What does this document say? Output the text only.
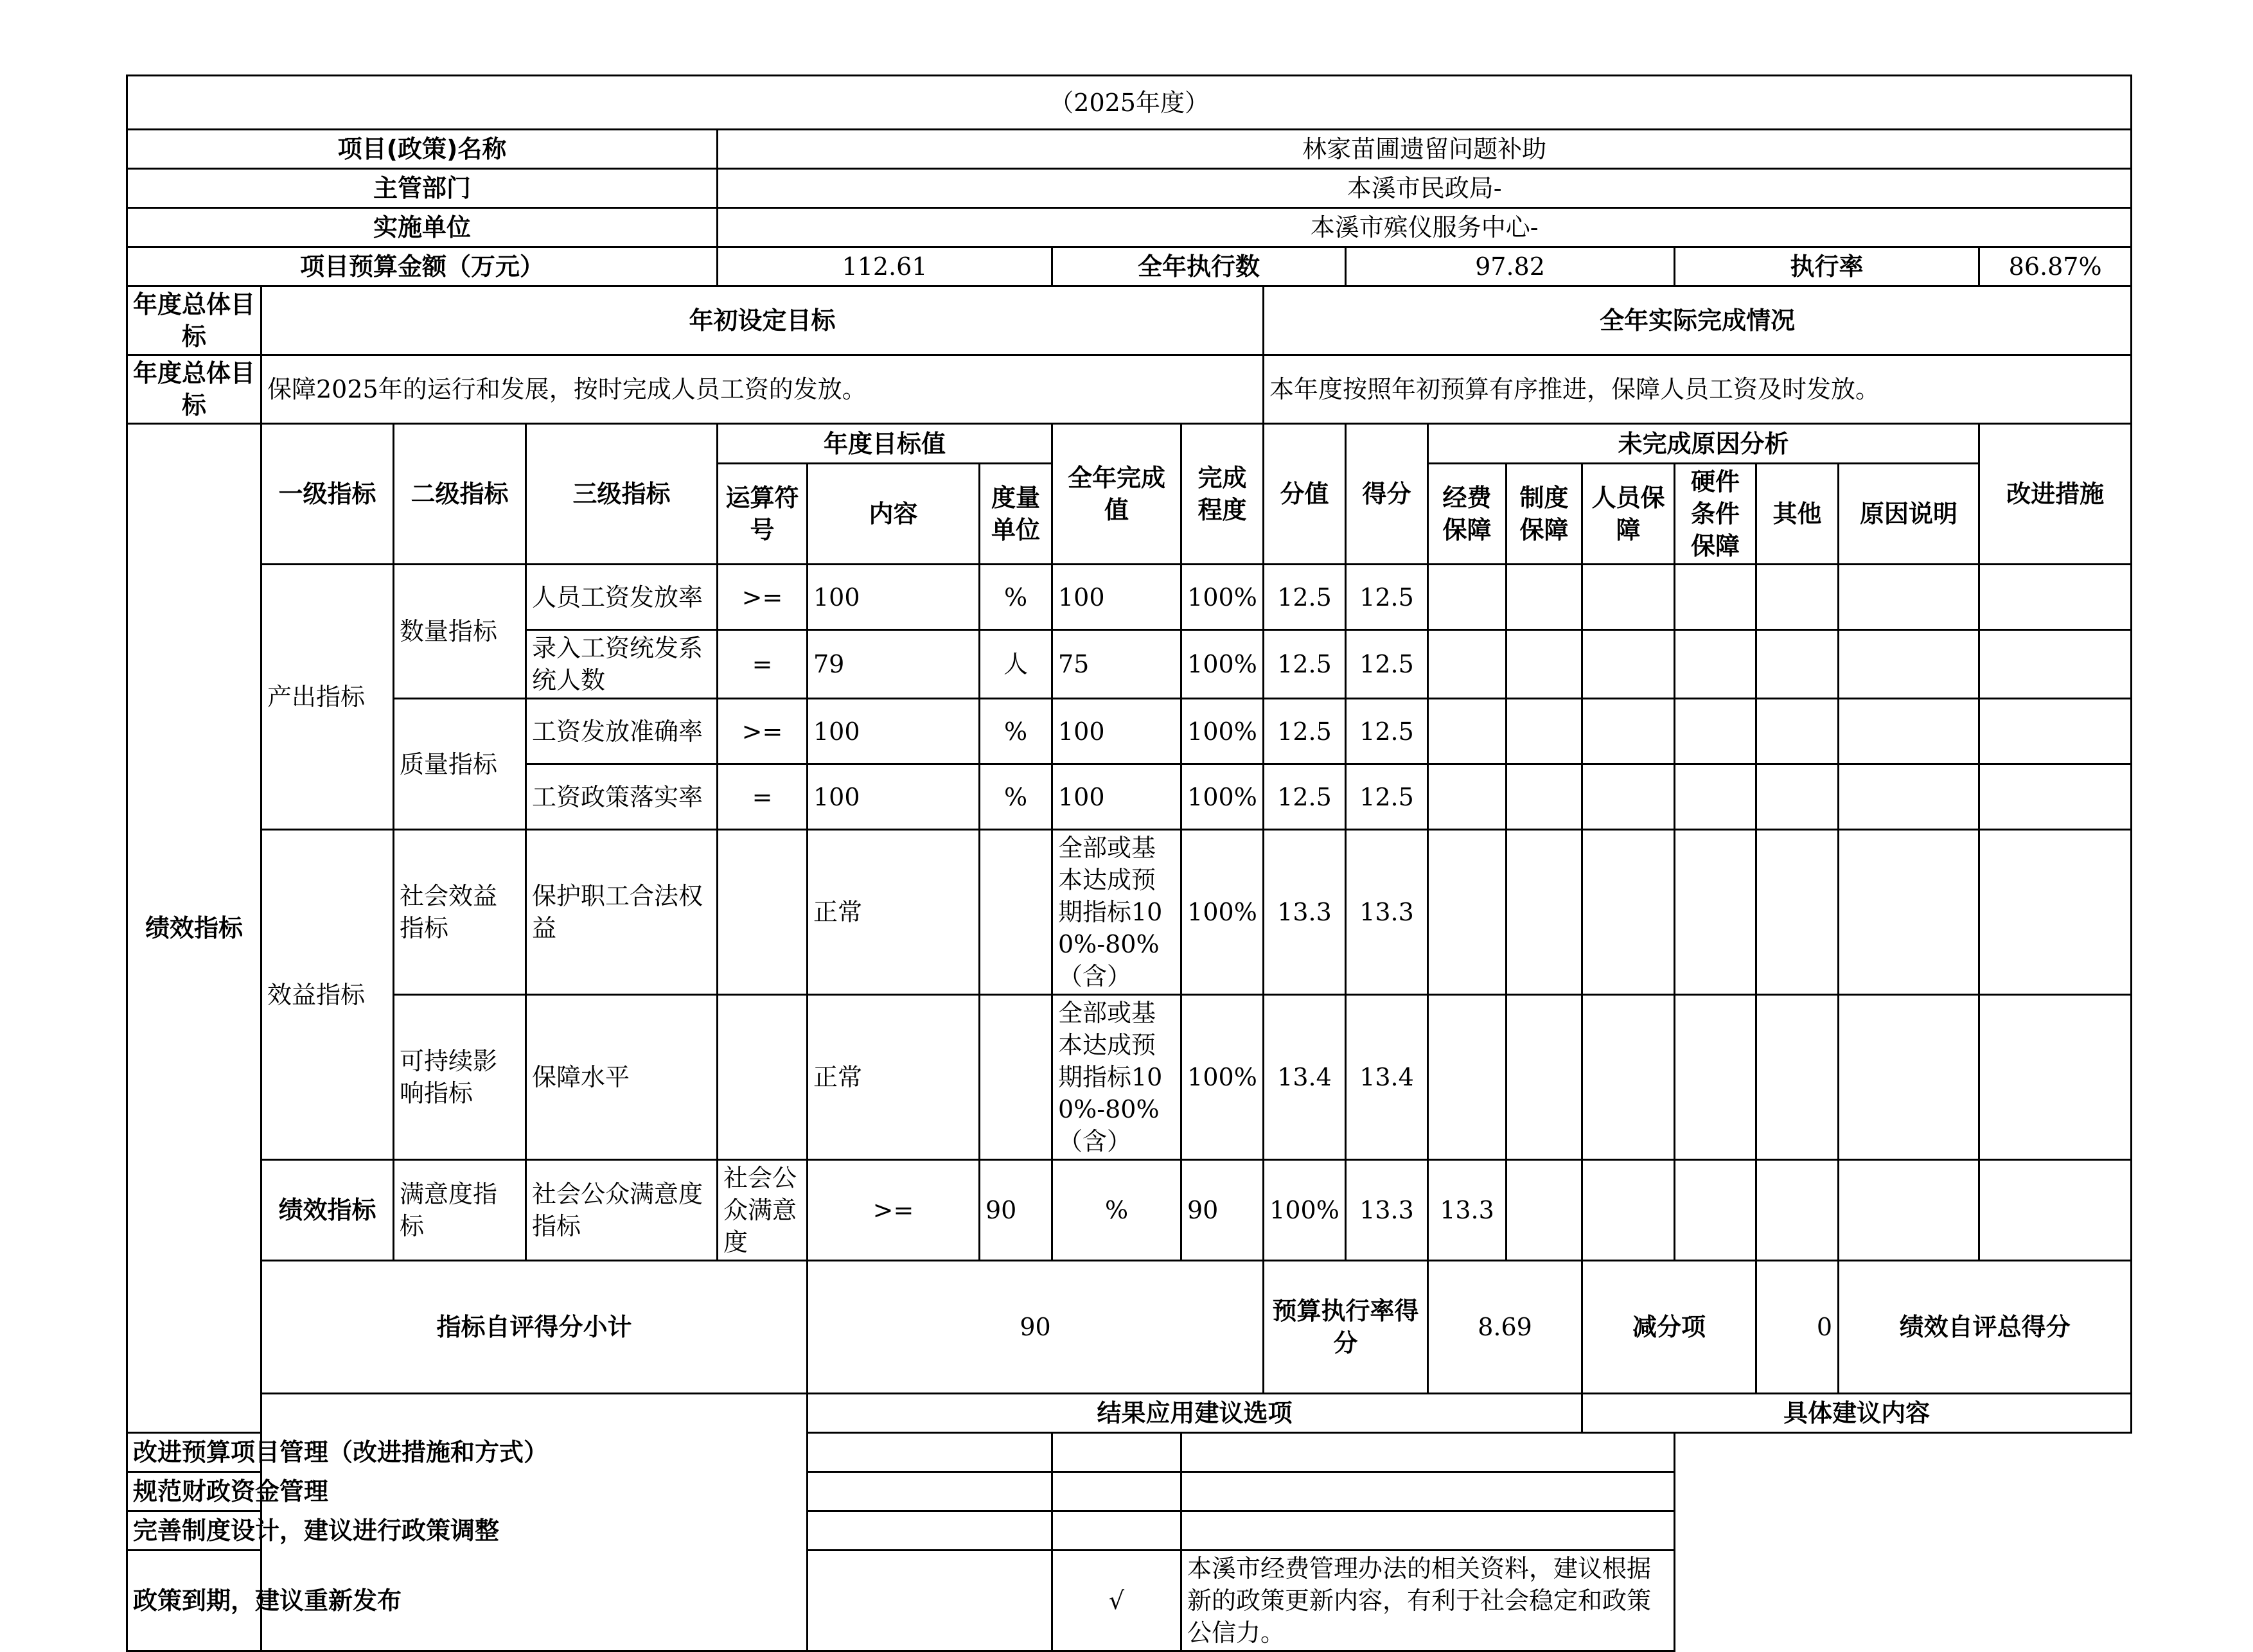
（2025年度）																		
项目(政策)名称				林家苗圃遗留问题补助														
主管部门				本溪市民政局-														
实施单位				本溪市殡仪服务中心-														
项目预算金额（万元）				112.61			全年执行数			97.82				执行率			86.87%	
年度总体目标	年初设定目标								全年实际完成情况									
年度总体目标	保障2025年的运行和发展，按时完成人员工资的发放。								本年度按照年初预算有序推进，保障人员工资及时发放。									
绩效指标	一级指标	二级指标	三级指标	年度目标值			全年完成值	完成程度	分值	得分	未完成原因分析						改进措施	
				运算符号	内容	度量单位					经费保障	制度保障	人员保障	硬件条件保障	其他	原因说明		
	产出指标	数量指标	人员工资发放率	>=	100	%	100	100%	12.5	12.5								
			录入工资统发系统人数	=	79	人	75	100%	12.5	12.5								
		质量指标	工资发放准确率	>=	100	%	100	100%	12.5	12.5								
			工资政策落实率	=	100	%	100	100%	12.5	12.5								
	效益指标	社会效益指标	保护职工合法权益		正常		全部或基本达成预期指标100%-80%（含）	100%	13.3	13.3								
		可持续影响指标	保障水平		正常		全部或基本达成预期指标100%-80%（含）	100%	13.4	13.4								
	绩效指标	满意度指标	社会公众满意度指标	社会公众满意度	>=	90	%	90	100%	13.3	13.3							
	指标自评得分小计				90				预算执行率得分		8.69		减分项		0	绩效自评总得分	
					结果应用建议选项								具体建议内容					
改进预算项目管理（改进措施和方式）																		
规范财政资金管理																		
完善制度设计，建议进行政策调整																		
政策到期，建议重新发布							√	本溪市经费管理办法的相关资料，建议根据新的政策更新内容，有利于社会稳定和政策公信力。										
